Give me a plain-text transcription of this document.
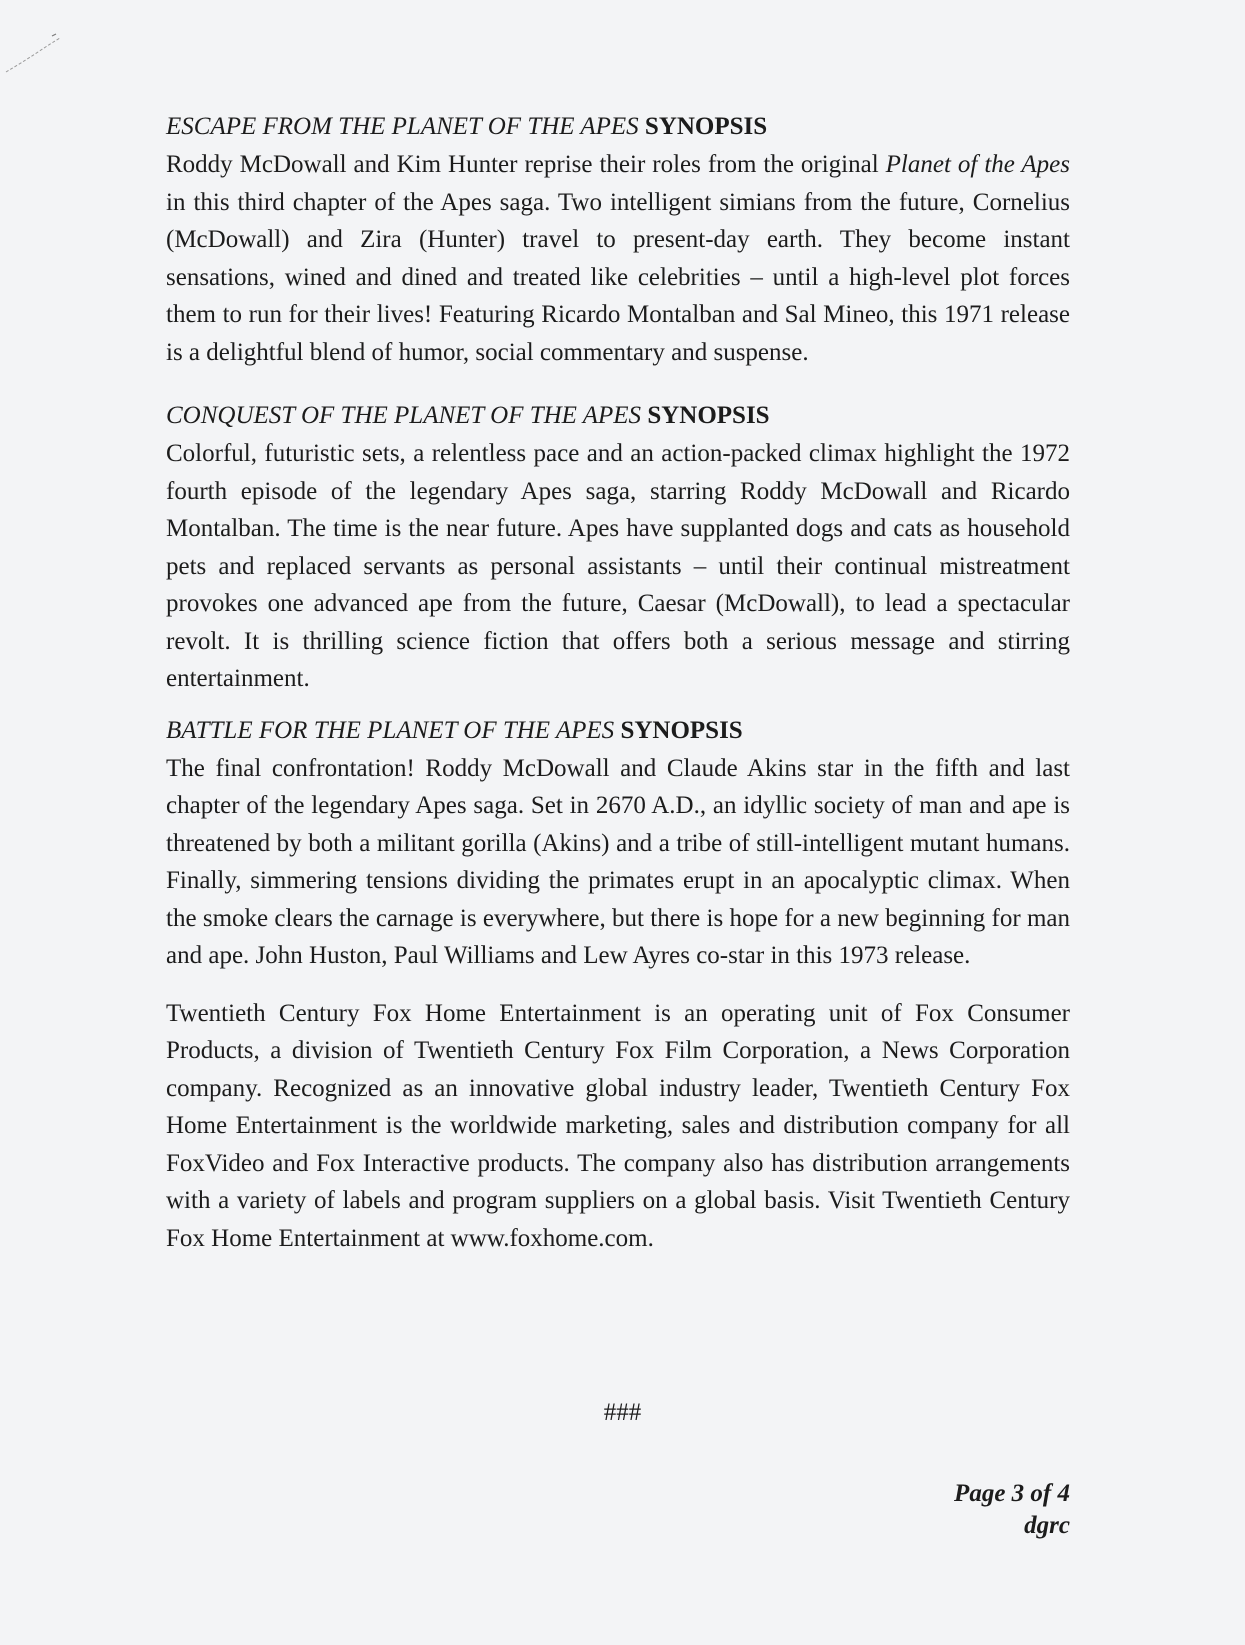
ESCAPE FROM THE PLANET OF THE APES SYNOPSIS

Roddy McDowall and Kim Hunter reprise their roles from the original Planet of the Apes in this third chapter of the Apes saga. Two intelligent simians from the future, Cornelius (McDowall) and Zira (Hunter) travel to present-day earth. They become instant sensations, wined and dined and treated like celebrities – until a high-level plot forces them to run for their lives! Featuring Ricardo Montalban and Sal Mineo, this 1971 release is a delightful blend of humor, social commentary and suspense.

CONQUEST OF THE PLANET OF THE APES SYNOPSIS

Colorful, futuristic sets, a relentless pace and an action-packed climax highlight the 1972 fourth episode of the legendary Apes saga, starring Roddy McDowall and Ricardo Montalban. The time is the near future. Apes have supplanted dogs and cats as household pets and replaced servants as personal assistants – until their continual mistreatment provokes one advanced ape from the future, Caesar (McDowall), to lead a spectacular revolt. It is thrilling science fiction that offers both a serious message and stirring entertainment.

BATTLE FOR THE PLANET OF THE APES SYNOPSIS

The final confrontation! Roddy McDowall and Claude Akins star in the fifth and last chapter of the legendary Apes saga. Set in 2670 A.D., an idyllic society of man and ape is threatened by both a militant gorilla (Akins) and a tribe of still-intelligent mutant humans. Finally, simmering tensions dividing the primates erupt in an apocalyptic climax. When the smoke clears the carnage is everywhere, but there is hope for a new beginning for man and ape. John Huston, Paul Williams and Lew Ayres co-star in this 1973 release.

Twentieth Century Fox Home Entertainment is an operating unit of Fox Consumer Products, a division of Twentieth Century Fox Film Corporation, a News Corporation company. Recognized as an innovative global industry leader, Twentieth Century Fox Home Entertainment is the worldwide marketing, sales and distribution company for all FoxVideo and Fox Interactive products. The company also has distribution arrangements with a variety of labels and program suppliers on a global basis. Visit Twentieth Century Fox Home Entertainment at www.foxhome.com.

###
Page 3 of 4
dgrc
